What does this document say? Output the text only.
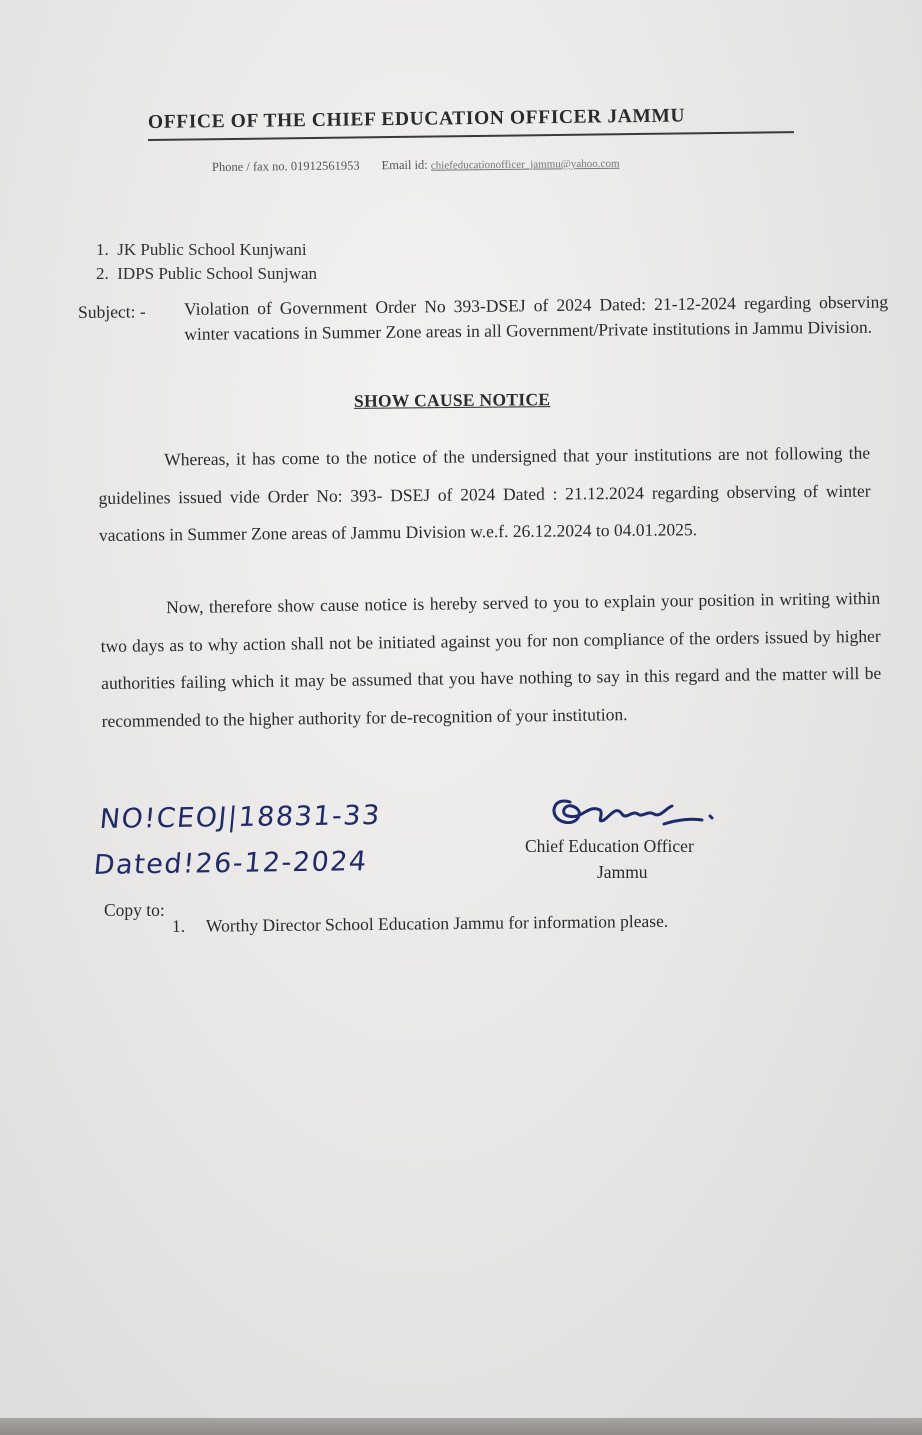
OFFICE OF THE CHIEF EDUCATION OFFICER JAMMU
Phone / fax no. 01912561953 Email id: chiefeducationofficer_jammu@yahoo.com
1. JK Public School Kunjwani
2. IDPS Public School Sunjwan
Subject: - Violation of Government Order No 393-DSEJ of 2024 Dated: 21-12-2024 regarding observing winter vacations in Summer Zone areas in all Government/Private institutions in Jammu Division.
SHOW CAUSE NOTICE
Whereas, it has come to the notice of the undersigned that your institutions are not following the guidelines issued vide Order No: 393- DSEJ of 2024 Dated : 21.12.2024 regarding observing of winter vacations in Summer Zone areas of Jammu Division w.e.f. 26.12.2024 to 04.01.2025.
Now, therefore show cause notice is hereby served to you to explain your position in writing within two days as to why action shall not be initiated against you for non compliance of the orders issued by higher authorities failing which it may be assumed that you have nothing to say in this regard and the matter will be recommended to the higher authority for de-recognition of your institution.
NO!CEOJ|18831-33
Dated!26-12-2024
Chief Education Officer
Jammu
Copy to:
1. Worthy Director School Education Jammu for information please.
